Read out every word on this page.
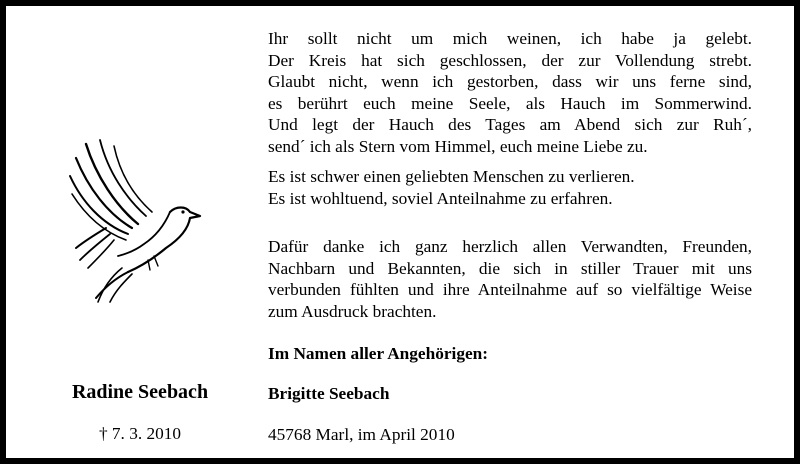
Ihr sollt nicht um mich weinen, ich habe ja gelebt.
Der Kreis hat sich geschlossen, der zur Vollendung strebt.
Glaubt nicht, wenn ich gestorben, dass wir uns ferne sind,
es berührt euch meine Seele, als Hauch im Sommerwind.
Und legt der Hauch des Tages am Abend sich zur Ruh´,
send´ ich als Stern vom Himmel, euch meine Liebe zu.
Es ist schwer einen geliebten Menschen zu verlieren.
Es ist wohltuend, soviel Anteilnahme zu erfahren.
Dafür danke ich ganz herzlich allen Verwandten, Freunden,
Nachbarn und Bekannten, die sich in stiller Trauer mit uns
verbunden fühlten und ihre Anteilnahme auf so vielfältige Weise
zum Ausdruck brachten.
Im Namen aller Angehörigen:
Brigitte Seebach
45768 Marl, im April 2010
Radine Seebach
† 7. 3. 2010
